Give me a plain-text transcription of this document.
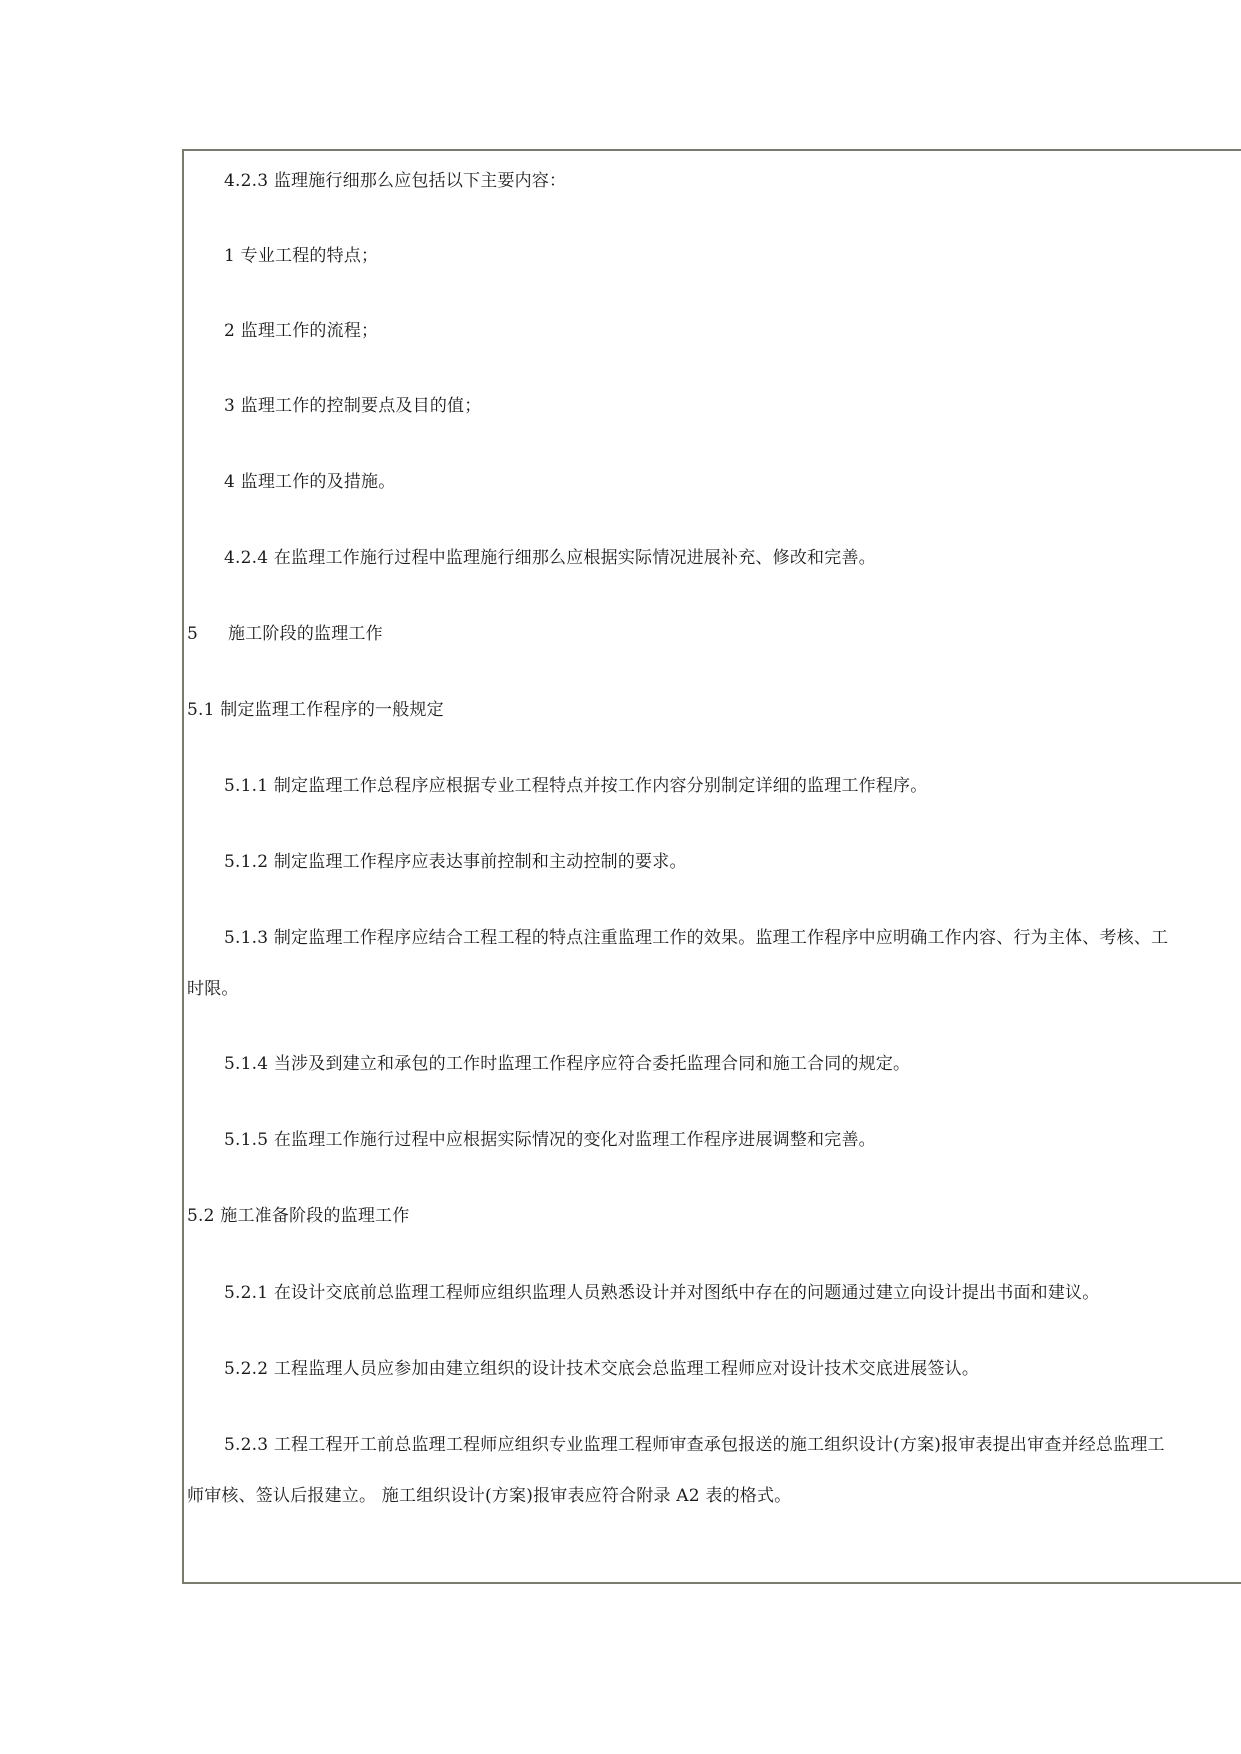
4.2.3 监理施行细那么应包括以下主要内容：
1 专业工程的特点；
2 监理工作的流程；
3 监理工作的控制要点及目的值；
4 监理工作的及措施。
4.2.4 在监理工作施行过程中监理施行细那么应根据实际情况进展补充、修改和完善。
5 施工阶段的监理工作
5.1 制定监理工作程序的一般规定
5.1.1 制定监理工作总程序应根据专业工程特点并按工作内容分别制定详细的监理工作程序。
5.1.2 制定监理工作程序应表达事前控制和主动控制的要求。
5.1.3 制定监理工作程序应结合工程工程的特点注重监理工作的效果。监理工作程序中应明确工作内容、行为主体、考核、工
时限。
5.1.4 当涉及到建立和承包的工作时监理工作程序应符合委托监理合同和施工合同的规定。
5.1.5 在监理工作施行过程中应根据实际情况的变化对监理工作程序进展调整和完善。
5.2 施工准备阶段的监理工作
5.2.1 在设计交底前总监理工程师应组织监理人员熟悉设计并对图纸中存在的问题通过建立向设计提出书面和建议。
5.2.2 工程监理人员应参加由建立组织的设计技术交底会总监理工程师应对设计技术交底进展签认。
5.2.3 工程工程开工前总监理工程师应组织专业监理工程师审查承包报送的施工组织设计(方案)报审表提出审查并经总监理工
师审核、签认后报建立。 施工组织设计(方案)报审表应符合附录 A2 表的格式。
